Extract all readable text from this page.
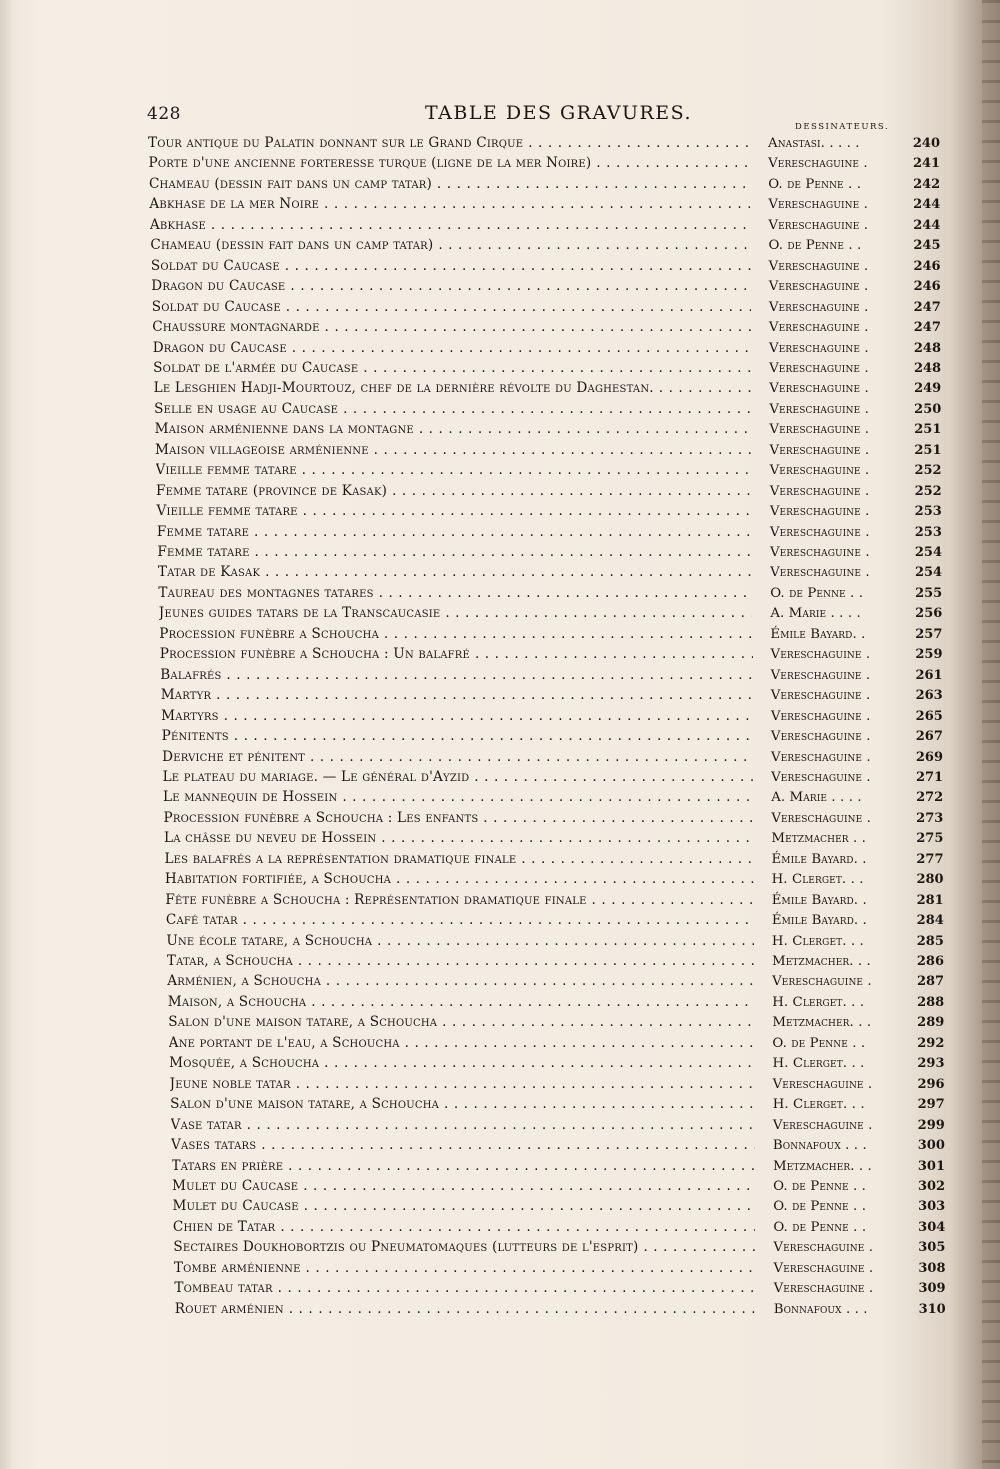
428	TABLE DES GRAVURES.
DESSINATEURS.
Tour antique du Palatin donnant sur le Grand Cirque . . .	Anastasi. . . . .	240
Porte d'une ancienne forteresse turque (ligne de la mer Noire) . . .	Vereschaguine .	241
Chameau (dessin fait dans un camp tatar) . . .	O. de Penne . .	242
Abkhase de la mer Noire . . .	Vereschaguine .	244
Abkhase . . .	Vereschaguine .	244
Chameau (dessin fait dans un camp tatar) . . .	O. de Penne . .	245
Soldat du Caucase . . .	Vereschaguine .	246
Dragon du Caucase . . .	Vereschaguine .	246
Soldat du Caucase . . .	Vereschaguine .	247
Chaussure montagnarde . . .	Vereschaguine .	247
Dragon du Caucase . . .	Vereschaguine .	248
Soldat de l'armée du Caucase . . .	Vereschaguine .	248
Le Lesghien Hadji-Mourtouz, chef de la dernière révolte du Daghestan. . . .	Vereschaguine .	249
Selle en usage au Caucase . . .	Vereschaguine .	250
Maison arménienne dans la montagne . . .	Vereschaguine .	251
Maison villageoise arménienne . . .	Vereschaguine .	251
Vieille femme tatare . . .	Vereschaguine .	252
Femme tatare (province de Kasak) . . .	Vereschaguine .	252
Vieille femme tatare . . .	Vereschaguine .	253
Femme tatare . . .	Vereschaguine .	253
Femme tatare . . .	Vereschaguine .	254
Tatar de Kasak . . .	Vereschaguine .	254
Taureau des montagnes tatares . . .	O. de Penne . .	255
Jeunes guides tatars de la Transcaucasie . . .	A. Marie . . . .	256
Procession funèbre a Schoucha . . .	Émile Bayard. .	257
Procession funèbre a Schoucha : Un balafré . . .	Vereschaguine .	259
Balafrés . . .	Vereschaguine .	261
Martyr . . .	Vereschaguine .	263
Martyrs . . .	Vereschaguine .	265
Pénitents . . .	Vereschaguine .	267
Derviche et pénitent . . .	Vereschaguine .	269
Le plateau du mariage. — Le général d'Ayzid . . .	Vereschaguine .	271
Le mannequin de Hossein . . .	A. Marie . . . .	272
Procession funèbre a Schoucha : Les enfants . . .	Vereschaguine .	273
La châsse du neveu de Hossein . . .	Metzmacher . .	275
Les balafrés a la représentation dramatique finale . . .	Émile Bayard. .	277
Habitation fortifiée, a Schoucha . . .	H. Clerget. . .	280
Fête funèbre a Schoucha : Représentation dramatique finale . . .	Émile Bayard. .	281
Café tatar . . .	Émile Bayard. .	284
Une école tatare, a Schoucha . . .	H. Clerget. . .	285
Tatar, a Schoucha . . .	Metzmacher. . .	286
Arménien, a Schoucha . . .	Vereschaguine .	287
Maison, a Schoucha . . .	H. Clerget. . .	288
Salon d'une maison tatare, a Schoucha . . .	Metzmacher. . .	289
Ane portant de l'eau, a Schoucha . . .	O. de Penne . .	292
Mosquée, a Schoucha . . .	H. Clerget. . .	293
Jeune noble tatar . . .	Vereschaguine .	296
Salon d'une maison tatare, a Schoucha . . .	H. Clerget. . .	297
Vase tatar . . .	Vereschaguine .	299
Vases tatars . . .	Bonnafoux . . .	300
Tatars en prière . . .	Metzmacher. . .	301
Mulet du Caucase . . .	O. de Penne . .	302
Mulet du Caucase . . .	O. de Penne . .	303
Chien de Tatar . . .	O. de Penne . .	304
Sectaires Doukhobortzis ou Pneumatomaques (lutteurs de l'esprit) . . .	Vereschaguine .	305
Tombe arménienne . . .	Vereschaguine .	308
Tombeau tatar . . .	Vereschaguine .	309
Rouet arménien . . .	Bonnafoux . . .	310
